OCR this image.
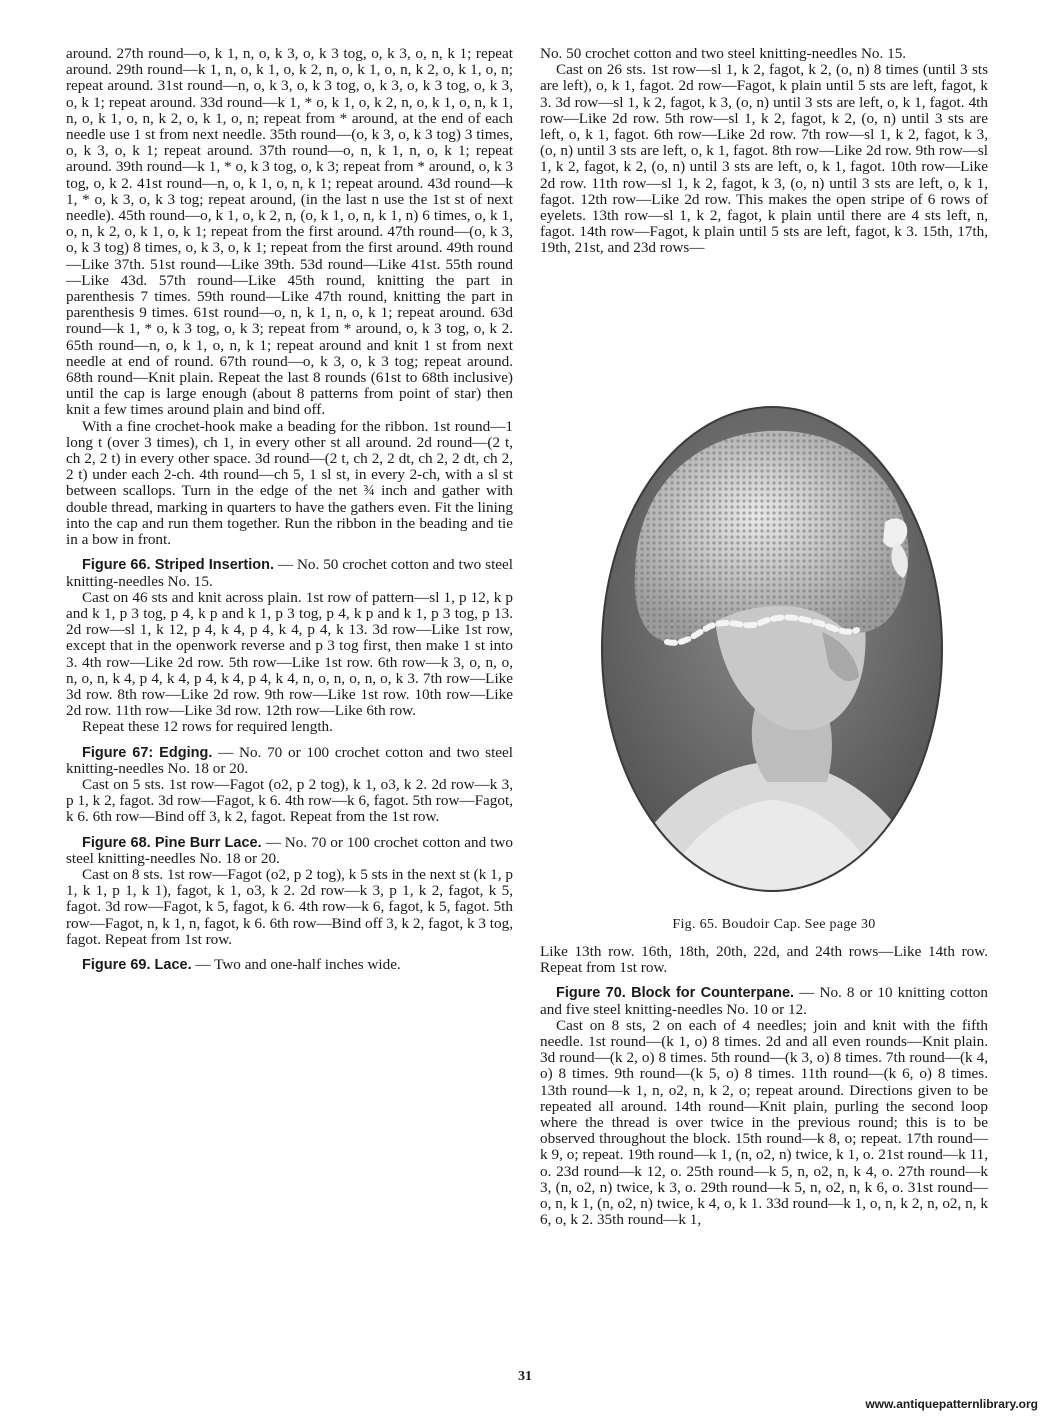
around. 27th round—o, k 1, n, o, k 3, o, k 3 tog, o, k 3, o, n, k 1; repeat around. 29th round—k 1, n, o, k 1, o, k 2, n, o, k 1, o, n, k 2, o, k 1, o, n; repeat around. 31st round—n, o, k 3, o, k 3 tog, o, k 3, o, k 3 tog, o, k 3, o, k 1; repeat around. 33d round—k 1, * o, k 1, o, k 2, n, o, k 1, o, n, k 1, n, o, k 1, o, n, k 2, o, k 1, o, n; repeat from * around, at the end of each needle use 1 st from next needle. 35th round—(o, k 3, o, k 3 tog) 3 times, o, k 3, o, k 1; repeat around. 37th round—o, n, k 1, n, o, k 1; repeat around. 39th round—k 1, * o, k 3 tog, o, k 3; repeat from * around, o, k 3 tog, o, k 2. 41st round—n, o, k 1, o, n, k 1; repeat around. 43d round—k 1, * o, k 3, o, k 3 tog; repeat around, (in the last n use the 1st st of next needle). 45th round—o, k 1, o, k 2, n, (o, k 1, o, n, k 1, n) 6 times, o, k 1, o, n, k 2, o, k 1, o, k 1; repeat from the first around. 47th round—(o, k 3, o, k 3 tog) 8 times, o, k 3, o, k 1; repeat from the first around. 49th round—Like 37th. 51st round—Like 39th. 53d round—Like 41st. 55th round—Like 43d. 57th round—Like 45th round, knitting the part in parenthesis 7 times. 59th round—Like 47th round, knitting the part in parenthesis 9 times. 61st round—o, n, k 1, n, o, k 1; repeat around. 63d round—k 1, * o, k 3 tog, o, k 3; repeat from * around, o, k 3 tog, o, k 2. 65th round—n, o, k 1, o, n, k 1; repeat around and knit 1 st from next needle at end of round. 67th round—o, k 3, o, k 3 tog; repeat around. 68th round—Knit plain. Repeat the last 8 rounds (61st to 68th inclusive) until the cap is large enough (about 8 patterns from point of star) then knit a few times around plain and bind off.

With a fine crochet-hook make a beading for the ribbon. 1st round—1 long t (over 3 times), ch 1, in every other st all around. 2d round—(2 t, ch 2, 2 t) in every other space. 3d round—(2 t, ch 2, 2 dt, ch 2, 2 dt, ch 2, 2 t) under each 2-ch. 4th round—ch 5, 1 sl st, in every 2-ch, with a sl st between scallops. Turn in the edge of the net ¾ inch and gather with double thread, marking in quarters to have the gathers even. Fit the lining into the cap and run them together. Run the ribbon in the beading and tie in a bow in front.

Figure 66. Striped Insertion. — No. 50 crochet cotton and two steel knitting-needles No. 15.

Cast on 46 sts and knit across plain. 1st row of pattern—sl 1, p 12, k p and k 1, p 3 tog, p 4, k p and k 1, p 3 tog, p 4, k p and k 1, p 3 tog, p 13. 2d row—sl 1, k 12, p 4, k 4, p 4, k 4, p 4, k 13. 3d row—Like 1st row, except that in the openwork reverse and p 3 tog first, then make 1 st into 3. 4th row—Like 2d row. 5th row—Like 1st row. 6th row—k 3, o, n, o, n, o, n, k 4, p 4, k 4, p 4, k 4, p 4, k 4, n, o, n, o, n, o, k 3. 7th row—Like 3d row. 8th row—Like 2d row. 9th row—Like 1st row. 10th row—Like 2d row. 11th row—Like 3d row. 12th row—Like 6th row.

Repeat these 12 rows for required length.

Figure 67: Edging. — No. 70 or 100 crochet cotton and two steel knitting-needles No. 18 or 20.

Cast on 5 sts. 1st row—Fagot (o2, p 2 tog), k 1, o3, k 2. 2d row—k 3, p 1, k 2, fagot. 3d row—Fagot, k 6. 4th row—k 6, fagot. 5th row—Fagot, k 6. 6th row—Bind off 3, k 2, fagot. Repeat from the 1st row.

Figure 68. Pine Burr Lace. — No. 70 or 100 crochet cotton and two steel knitting-needles No. 18 or 20.

Cast on 8 sts. 1st row—Fagot (o2, p 2 tog), k 5 sts in the next st (k 1, p 1, k 1, p 1, k 1), fagot, k 1, o3, k 2. 2d row—k 3, p 1, k 2, fagot, k 5, fagot. 3d row—Fagot, k 5, fagot, k 6. 4th row—k 6, fagot, k 5, fagot. 5th row—Fagot, n, k 1, n, fagot, k 6. 6th row—Bind off 3, k 2, fagot, k 3 tog, fagot. Repeat from 1st row.

Figure 69. Lace. — Two and one-half inches wide.

No. 50 crochet cotton and two steel knitting-needles No. 15.

Cast on 26 sts. 1st row—sl 1, k 2, fagot, k 2, (o, n) 8 times (until 3 sts are left), o, k 1, fagot. 2d row—Fagot, k plain until 5 sts are left, fagot, k 3. 3d row—sl 1, k 2, fagot, k 3, (o, n) until 3 sts are left, o, k 1, fagot. 4th row—Like 2d row. 5th row—sl 1, k 2, fagot, k 2, (o, n) until 3 sts are left, o, k 1, fagot. 6th row—Like 2d row. 7th row—sl 1, k 2, fagot, k 3, (o, n) until 3 sts are left, o, k 1, fagot. 8th row—Like 2d row. 9th row—sl 1, k 2, fagot, k 2, (o, n) until 3 sts are left, o, k 1, fagot. 10th row—Like 2d row. 11th row—sl 1, k 2, fagot, k 3, (o, n) until 3 sts are left, o, k 1, fagot. 12th row—Like 2d row. This makes the open stripe of 6 rows of eyelets. 13th row—sl 1, k 2, fagot, k plain until there are 4 sts left, n, fagot. 14th row—Fagot, k plain until 5 sts are left, fagot, k 3. 15th, 17th, 19th, 21st, and 23d rows—

Fig. 65. Boudoir Cap. See page 30

Like 13th row. 16th, 18th, 20th, 22d, and 24th rows—Like 14th row. Repeat from 1st row.

Figure 70. Block for Counterpane. — No. 8 or 10 knitting cotton and five steel knitting-needles No. 10 or 12.

Cast on 8 sts, 2 on each of 4 needles; join and knit with the fifth needle. 1st round—(k 1, o) 8 times. 2d and all even rounds—Knit plain. 3d round—(k 2, o) 8 times. 5th round—(k 3, o) 8 times. 7th round—(k 4, o) 8 times. 9th round—(k 5, o) 8 times. 11th round—(k 6, o) 8 times. 13th round—k 1, n, o2, n, k 2, o; repeat around. Directions given to be repeated all around. 14th round—Knit plain, purling the second loop where the thread is over twice in the previous round; this is to be observed throughout the block. 15th round—k 8, o; repeat. 17th round—k 9, o; repeat. 19th round—k 1, (n, o2, n) twice, k 1, o. 21st round—k 11, o. 23d round—k 12, o. 25th round—k 5, n, o2, n, k 4, o. 27th round—k 3, (n, o2, n) twice, k 3, o. 29th round—k 5, n, o2, n, k 6, o. 31st round—o, n, k 1, (n, o2, n) twice, k 4, o, k 1. 33d round—k 1, o, n, k 2, n, o2, n, k 6, o, k 2. 35th round—k 1,

31
www.antiquepatternlibrary.org
